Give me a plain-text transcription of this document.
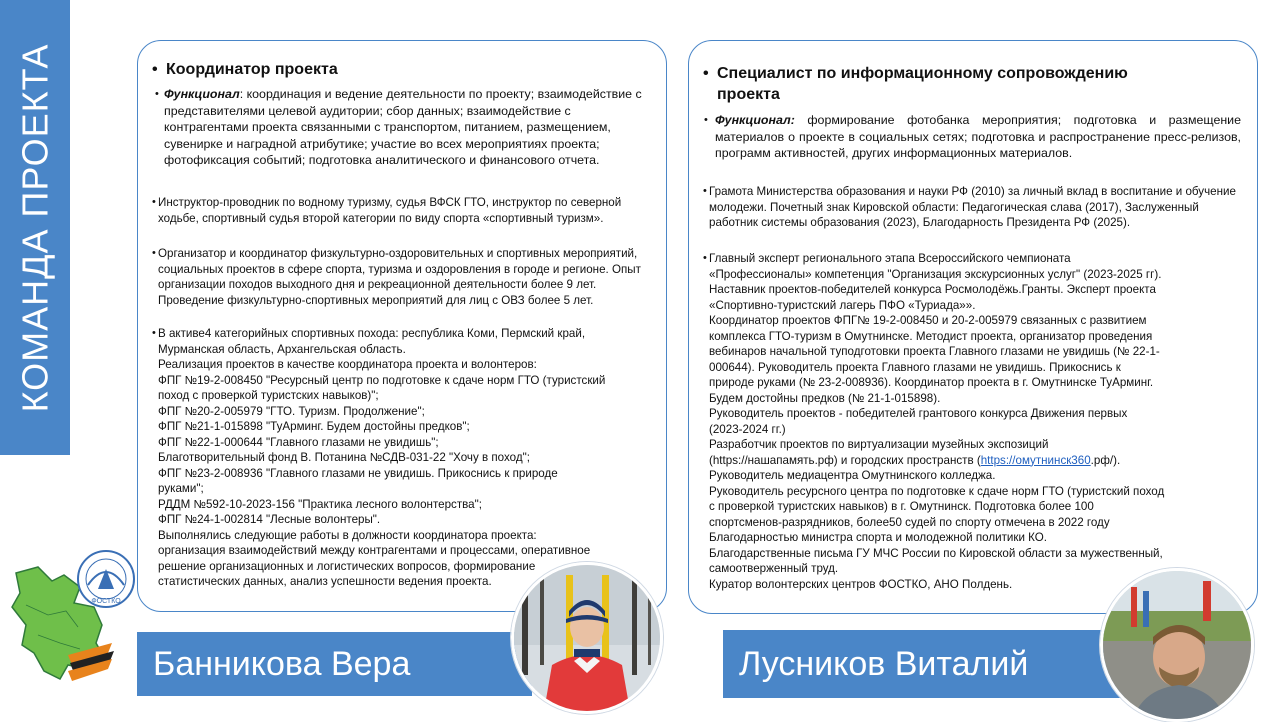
КОМАНДА ПРОЕКТА	• Координатор проекта
• Функционал: координация и ведение деятельности по проекту; взаимодействие с представителями целевой аудитории; сбор данных; взаимодействие с контрагентами проекта связанными с транспортом, питанием, размещением, сувенирке и наградной атрибутике; участие во всех мероприятиях проекта; фотофиксация событий; подготовка аналитического и финансового отчета.
• Инструктор-проводник по водному туризму, судья ВФСК ГТО, инструктор по северной ходьбе, спортивный судья второй категории по виду спорта «спортивный туризм».
• Организатор и координатор физкультурно-оздоровительных и спортивных мероприятий, социальных проектов в сфере спорта, туризма и оздоровления в городе и регионе. Опыт организации походов выходного дня и рекреационной деятельности более 9 лет. Проведение физкультурно-спортивных мероприятий для лиц с ОВЗ более 5 лет.
• В активе4 категорийных спортивных похода: республика Коми, Пермский край,
Мурманская область, Архангельская область.
Реализация проектов в качестве координатора проекта и волонтеров:
ФПГ №19-2-008450 "Ресурсный центр по подготовке к сдаче норм ГТО (туристский
поход с проверкой туристских навыков)";
ФПГ №20-2-005979 "ГТО. Туризм. Продолжение";
ФПГ №21-1-015898 "ТуАрминг. Будем достойны предков";
ФПГ №22-1-000644 "Главного глазами не увидишь";
Благотворительный фонд В. Потанина №СДВ-031-22 "Хочу в поход";
ФПГ №23-2-008936 "Главного глазами не увидишь. Прикоснись к природе
руками";
РДДМ №592-10-2023-156 "Практика лесного волонтерства";
ФПГ №24-1-002814 "Лесные волонтеры".
Выполнялись следующие работы в должности координатора проекта:
организация взаимодействий между контрагентами и процессами, оперативное
решение организационных и логистических вопросов, формирование
статистических данных, анализ успешности ведения проекта.
• Специалист по информационному сопровождению
проекта
• Функционал: формирование фотобанка мероприятия; подготовка и размещение материалов о проекте в социальных сетях; подготовка и распространение пресс-релизов, программ активностей, других информационных материалов.
• Грамота Министерства образования и науки РФ (2010) за личный вклад в воспитание и обучение молодежи. Почетный знак Кировской области: Педагогическая слава (2017), Заслуженный работник системы образования (2023), Благодарность Президента РФ (2025).
• Главный эксперт регионального этапа Всероссийского чемпионата
«Профессионалы» компетенция "Организация экскурсионных услуг" (2023-2025 гг).
Наставник проектов-победителей конкурса Росмолодёжь.Гранты. Эксперт проекта
«Спортивно-туристский лагерь ПФО «Туриада»».
Координатор проектов ФПГ№ 19-2-008450 и 20-2-005979 связанных с развитием
комплекса ГТО-туризм в Омутнинске. Методист проекта, организатор проведения
вебинаров начальной туподготовки проекта Главного глазами не увидишь (№ 22-1-
000644). Руководитель проекта Главного глазами не увидишь. Прикоснись к
природе руками (№ 23-2-008936). Координатор проекта в г. Омутнинске ТуАрминг.
Будем достойны предков (№ 21-1-015898).
Руководитель проектов - победителей грантового конкурса Движения первых
(2023-2024 гг.)
Разработчик проектов по виртуализации музейных экспозиций
(https://нашапамять.рф) и городских пространств (https://омутнинск360.рф/).
Руководитель медиацентра Омутнинского колледжа.
Руководитель ресурсного центра по подготовке к сдаче норм ГТО (туристский поход
с проверкой туристских навыков) в г. Омутнинск. Подготовка более 100
спортсменов-разрядников, более50 судей по спорту отмечена в 2022 году
Благодарностью министра спорта и молодежной политики КО.
Благодарственные письма ГУ МЧС России по Кировской области за мужественный,
самоотверженный труд.
Куратор волонтерских центров ФОСТКО, АНО Полдень.
Банникова Вера	Лусников Виталий
ФОСТКО
